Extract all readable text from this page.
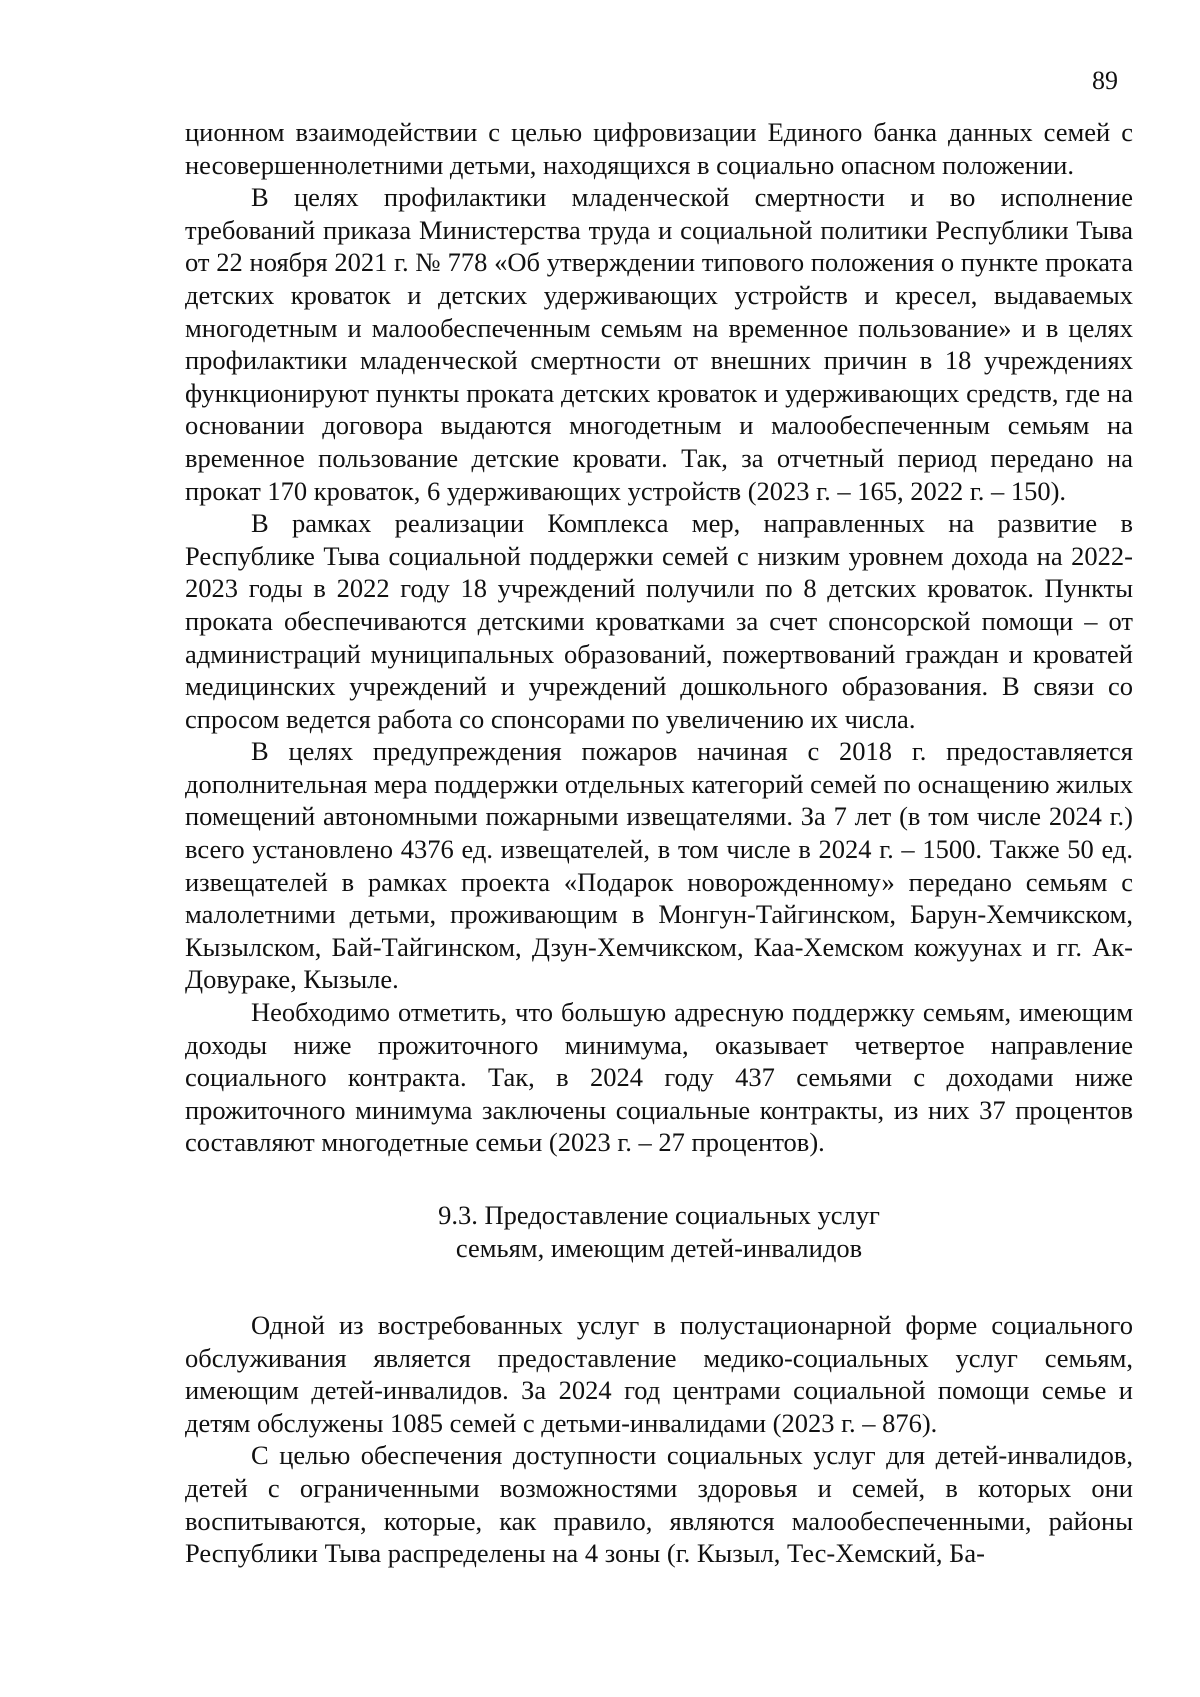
89

ционном взаимодействии с целью цифровизации Единого банка данных семей с несовершеннолетними детьми, находящихся в социально опасном положении.

В целях профилактики младенческой смертности и во исполнение требований приказа Министерства труда и социальной политики Республики Тыва от 22 ноября 2021 г. № 778 «Об утверждении типового положения о пункте проката детских кроваток и детских удерживающих устройств и кресел, выдаваемых многодетным и малообеспеченным семьям на временное пользование» и в целях профилактики младенческой смертности от внешних причин в 18 учреждениях функционируют пункты проката детских кроваток и удерживающих средств, где на основании договора выдаются многодетным и малообеспеченным семьям на временное пользование детские кровати. Так, за отчетный период передано на прокат 170 кроваток, 6 удерживающих устройств (2023 г. – 165, 2022 г. – 150).

В рамках реализации Комплекса мер, направленных на развитие в Республике Тыва социальной поддержки семей с низким уровнем дохода на 2022-2023 годы в 2022 году 18 учреждений получили по 8 детских кроваток. Пункты проката обеспечиваются детскими кроватками за счет спонсорской помощи – от администраций муниципальных образований, пожертвований граждан и кроватей медицинских учреждений и учреждений дошкольного образования. В связи со спросом ведется работа со спонсорами по увеличению их числа.

В целях предупреждения пожаров начиная с 2018 г. предоставляется дополнительная мера поддержки отдельных категорий семей по оснащению жилых помещений автономными пожарными извещателями. За 7 лет (в том числе 2024 г.) всего установлено 4376 ед. извещателей, в том числе в 2024 г. – 1500. Также 50 ед. извещателей в рамках проекта «Подарок новорожденному» передано семьям с малолетними детьми, проживающим в Монгун-Тайгинском, Барун-Хемчикском, Кызылском, Бай-Тайгинском, Дзун-Хемчикском, Каа-Хемском кожуунах и гг. Ак-Довураке, Кызыле.

Необходимо отметить, что большую адресную поддержку семьям, имеющим доходы ниже прожиточного минимума, оказывает четвертое направление социального контракта. Так, в 2024 году 437 семьями с доходами ниже прожиточного минимума заключены социальные контракты, из них 37 процентов составляют многодетные семьи (2023 г. – 27 процентов).

9.3. Предоставление социальных услуг
семьям, имеющим детей-инвалидов

Одной из востребованных услуг в полустационарной форме социального обслуживания является предоставление медико-социальных услуг семьям, имеющим детей-инвалидов. За 2024 год центрами социальной помощи семье и детям обслужены 1085 семей с детьми-инвалидами (2023 г. – 876).

С целью обеспечения доступности социальных услуг для детей-инвалидов, детей с ограниченными возможностями здоровья и семей, в которых они воспитываются, которые, как правило, являются малообеспеченными, районы Республики Тыва распределены на 4 зоны (г. Кызыл, Тес-Хемский, Ба-
